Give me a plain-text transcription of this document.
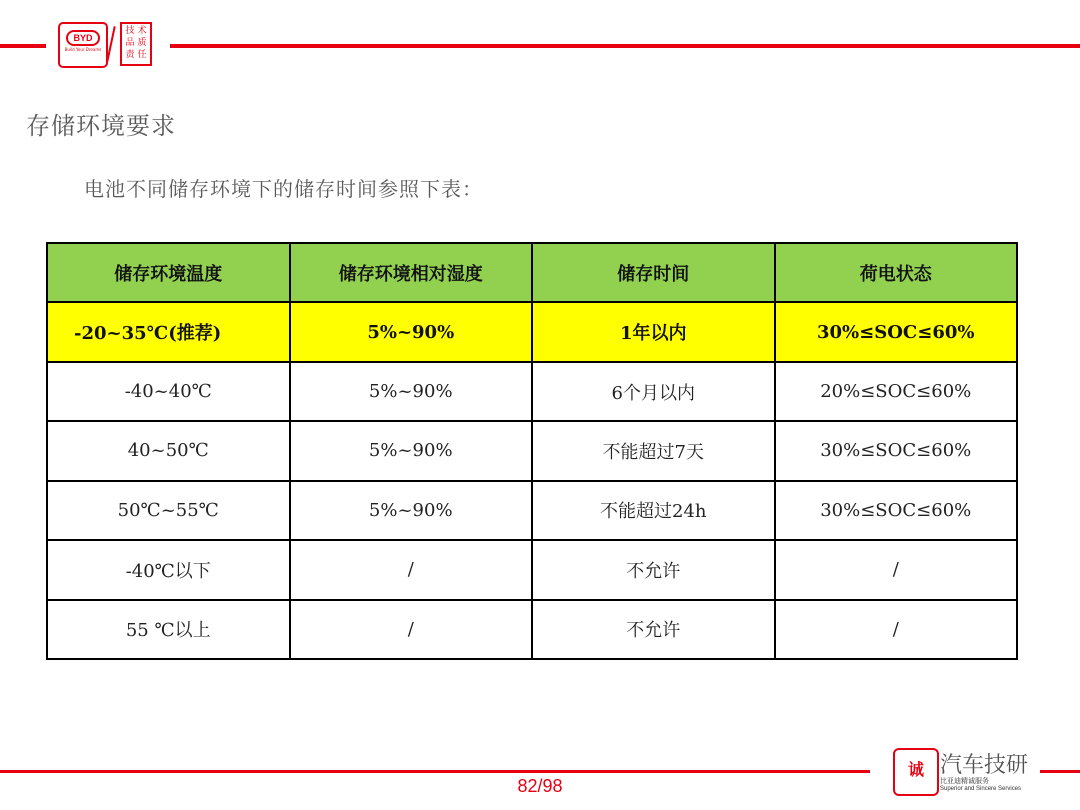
BYD
Build Your Dreams
技 术
品 质
责 任
存储环境要求
电池不同储存环境下的储存时间参照下表：
储存环境温度	储存环境相对湿度	储存时间	荷电状态
-20~35℃(推荐)	5%~90%	1年以内	30%≤SOC≤60%
-40~40℃	5%~90%	6个月以内	20%≤SOC≤60%
40~50℃	5%~90%	不能超过7天	30%≤SOC≤60%
50℃~55℃	5%~90%	不能超过24h	30%≤SOC≤60%
-40℃以下	/	不允许	/
55 ℃以上	/	不允许	/
82/98
诚 汽车技研
比亚迪精诚服务
Superior and Sincere Services
